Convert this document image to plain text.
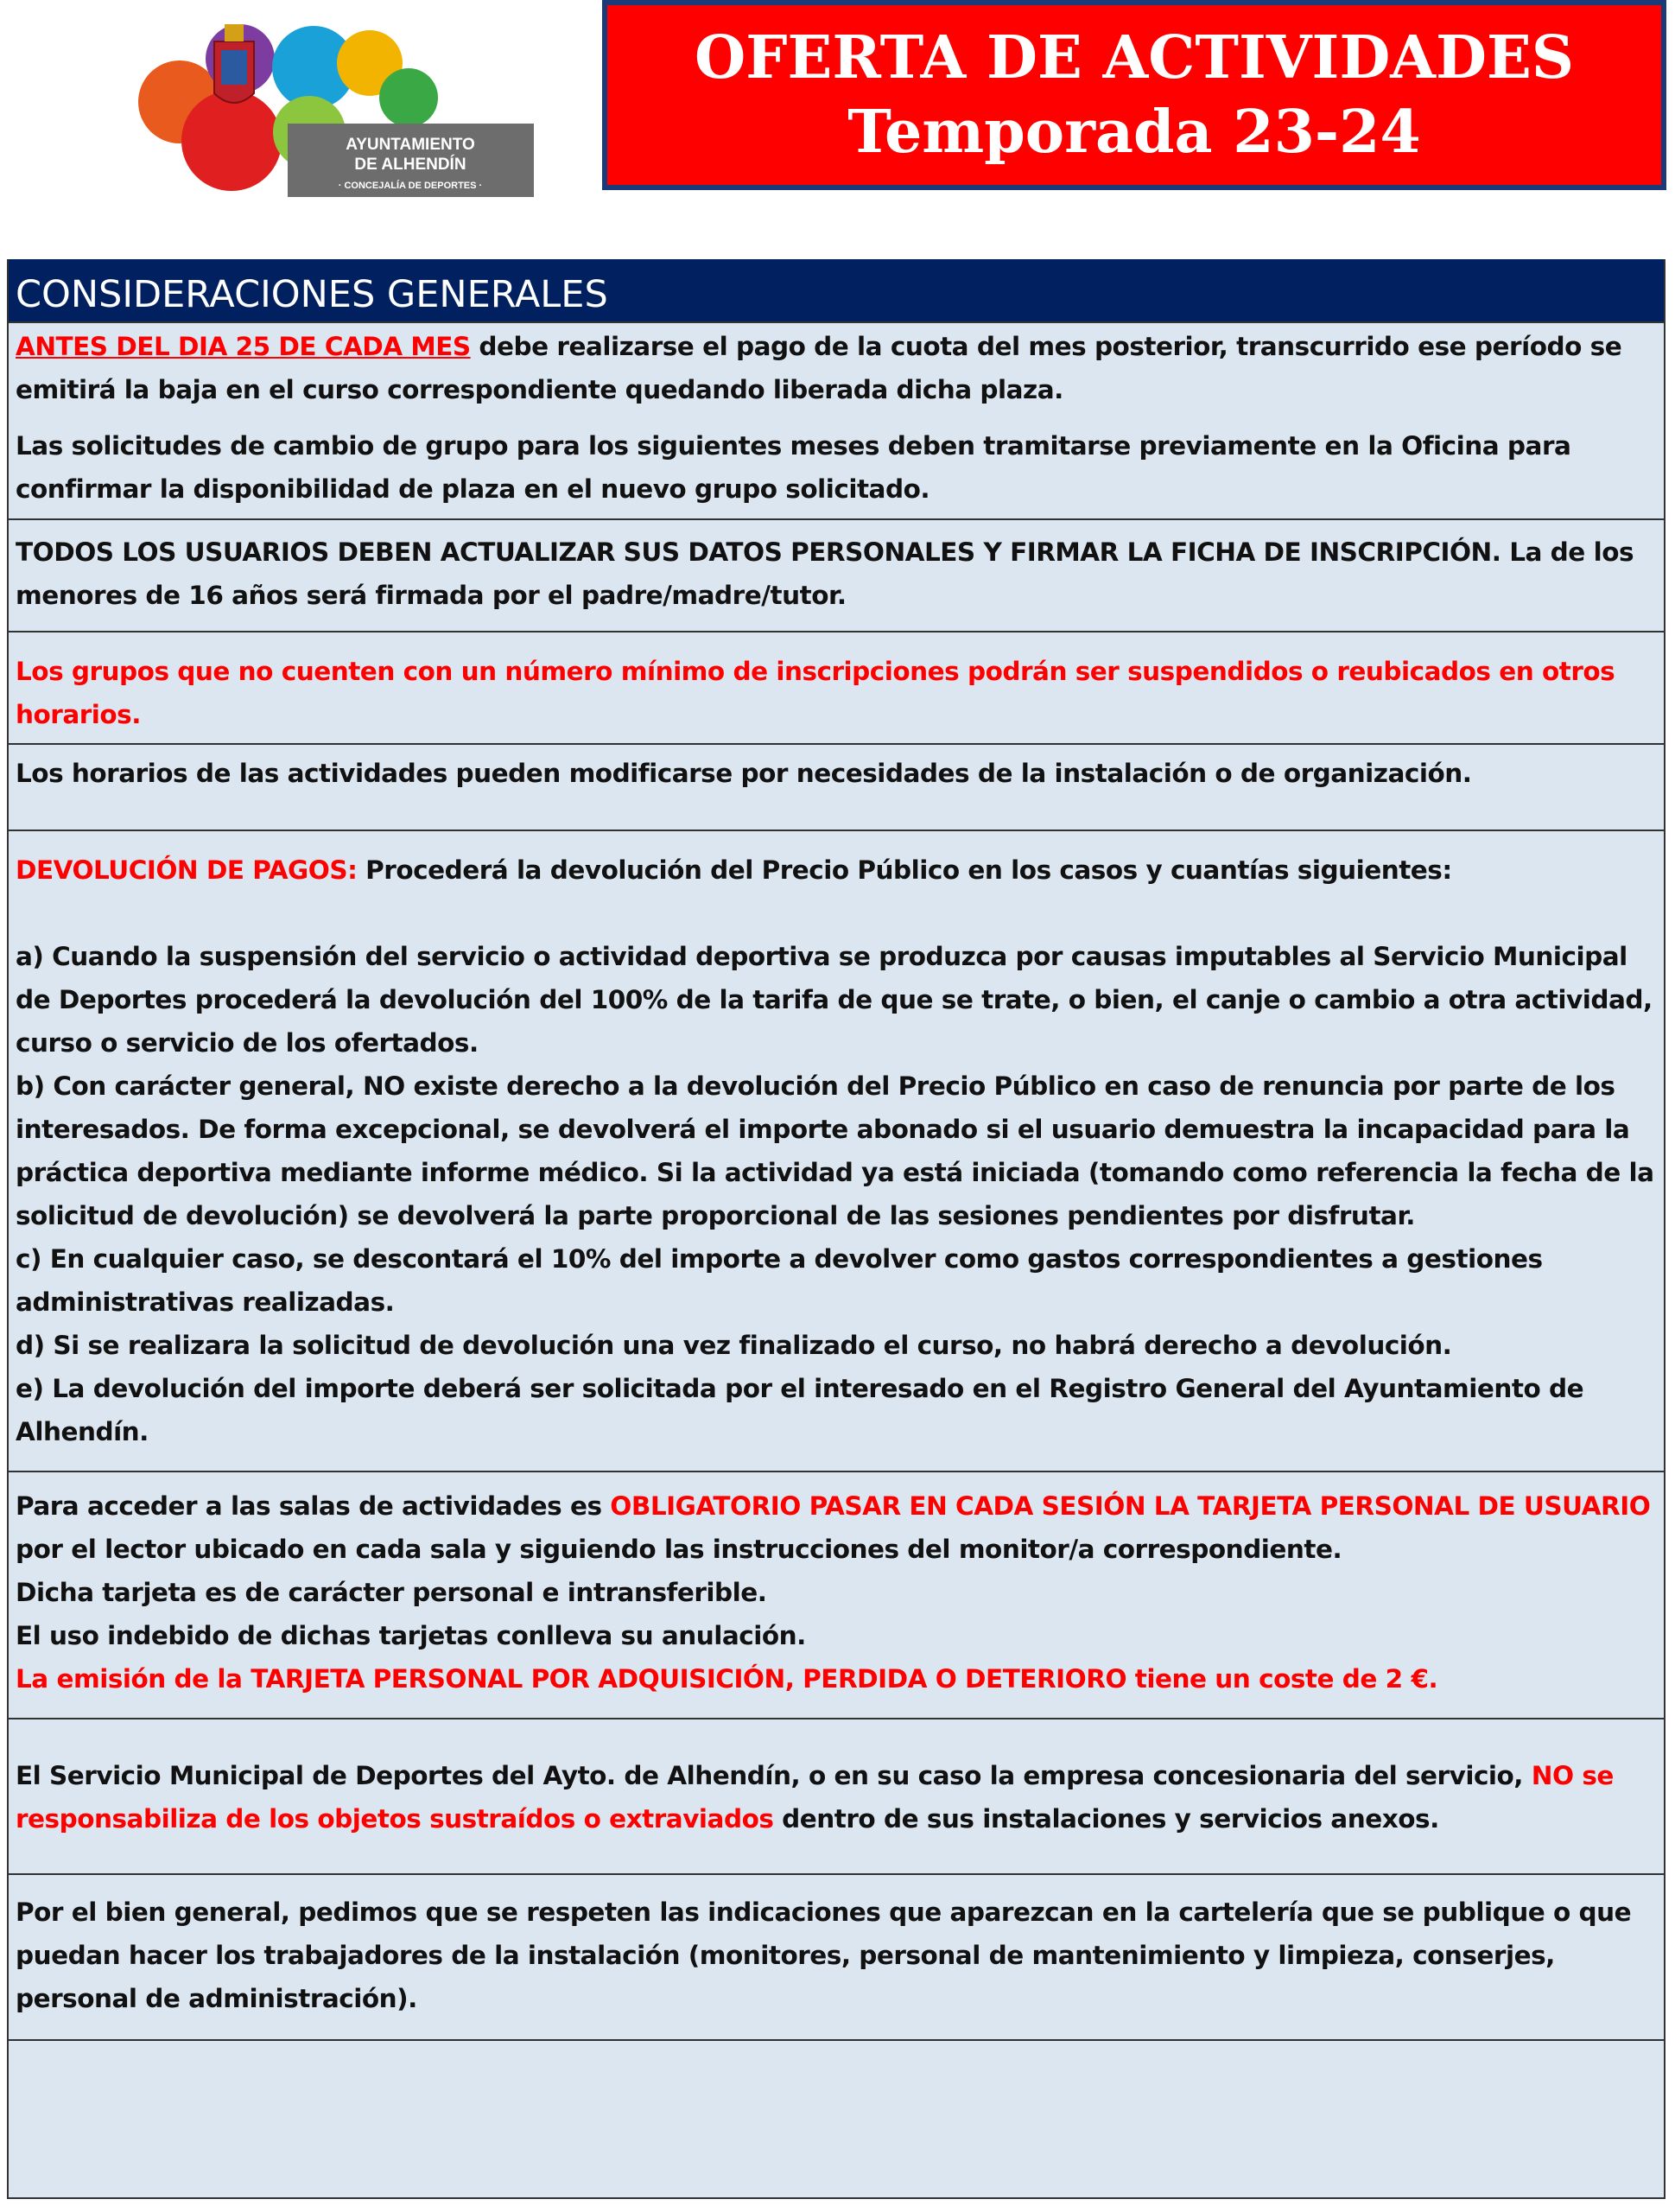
AYUNTAMIENTO
DE ALHENDÍN
· CONCEJALÍA DE DEPORTES ·
OFERTA DE ACTIVIDADES
Temporada 23-24
CONSIDERACIONES GENERALES

ANTES DEL DIA 25 DE CADA MES debe realizarse el pago de la cuota del mes posterior, transcurrido ese período se emitirá la baja en el curso correspondiente quedando liberada dicha plaza.

Las solicitudes de cambio de grupo para los siguientes meses deben tramitarse previamente en la Oficina para confirmar la disponibilidad de plaza en el nuevo grupo solicitado.

TODOS LOS USUARIOS DEBEN ACTUALIZAR SUS DATOS PERSONALES Y FIRMAR LA FICHA DE INSCRIPCIÓN. La de los menores de 16 años será firmada por el padre/madre/tutor.

Los grupos que no cuenten con un número mínimo de inscripciones podrán ser suspendidos o reubicados en otros horarios.

Los horarios de las actividades pueden modificarse por necesidades de la instalación o de organización.

DEVOLUCIÓN DE PAGOS: Procederá la devolución del Precio Público en los casos y cuantías siguientes:

a) Cuando la suspensión del servicio o actividad deportiva se produzca por causas imputables al Servicio Municipal de Deportes procederá la devolución del 100% de la tarifa de que se trate, o bien, el canje o cambio a otra actividad, curso o servicio de los ofertados.

b) Con carácter general, NO existe derecho a la devolución del Precio Público en caso de renuncia por parte de los interesados. De forma excepcional, se devolverá el importe abonado si el usuario demuestra la incapacidad para la práctica deportiva mediante informe médico. Si la actividad ya está iniciada (tomando como referencia la fecha de la solicitud de devolución) se devolverá la parte proporcional de las sesiones pendientes por disfrutar.

c) En cualquier caso, se descontará el 10% del importe a devolver como gastos correspondientes a gestiones administrativas realizadas.

d) Si se realizara la solicitud de devolución una vez finalizado el curso, no habrá derecho a devolución.

e) La devolución del importe deberá ser solicitada por el interesado en el Registro General del Ayuntamiento de Alhendín.

Para acceder a las salas de actividades es OBLIGATORIO PASAR EN CADA SESIÓN LA TARJETA PERSONAL DE USUARIO por el lector ubicado en cada sala y siguiendo las instrucciones del monitor/a correspondiente.

Dicha tarjeta es de carácter personal e intransferible.

El uso indebido de dichas tarjetas conlleva su anulación.

La emisión de la TARJETA PERSONAL POR ADQUISICIÓN, PERDIDA O DETERIORO tiene un coste de 2 €.

El Servicio Municipal de Deportes del Ayto. de Alhendín, o en su caso la empresa concesionaria del servicio, NO se responsabiliza de los objetos sustraídos o extraviados dentro de sus instalaciones y servicios anexos.

Por el bien general, pedimos que se respeten las indicaciones que aparezcan en la cartelería que se publique o que puedan hacer los trabajadores de la instalación (monitores, personal de mantenimiento y limpieza, conserjes, personal de administración).
